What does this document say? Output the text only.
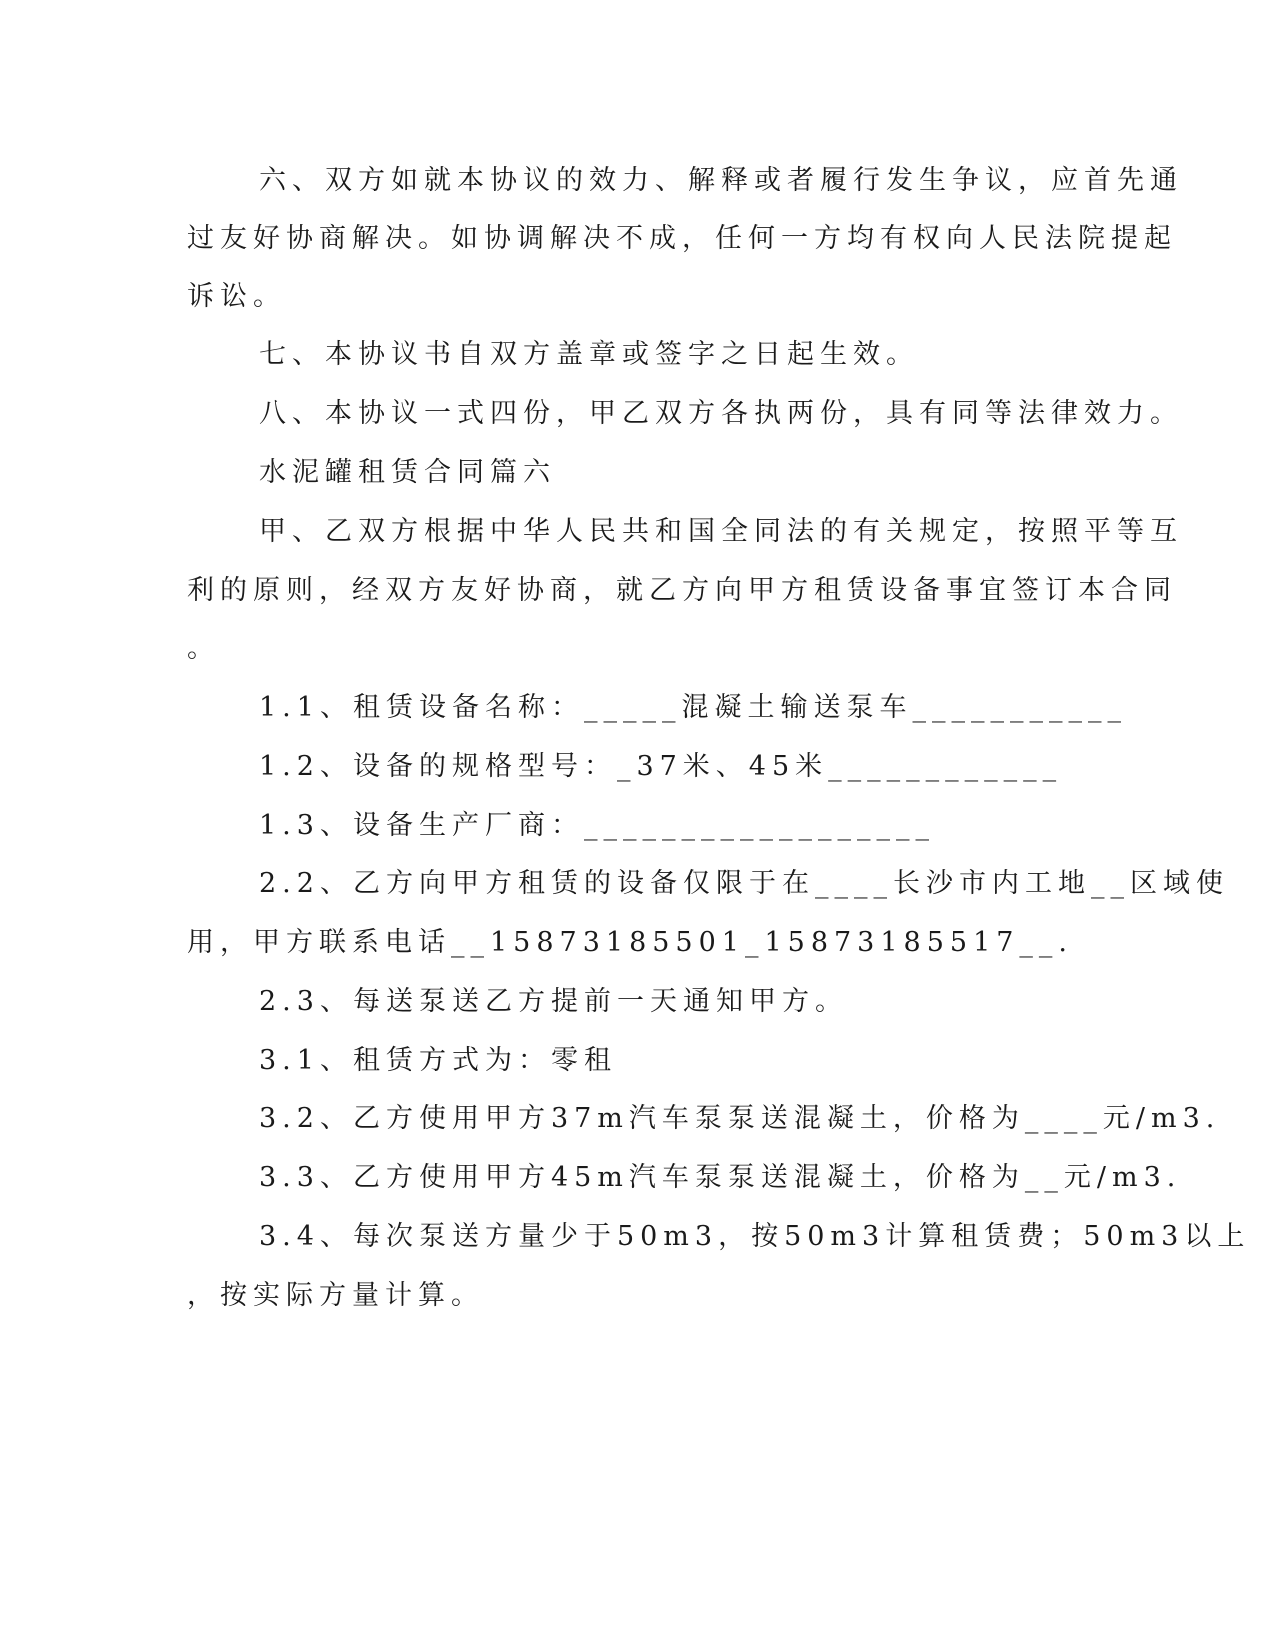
六、双方如就本协议的效力、解释或者履行发生争议，应首先通
过友好协商解决。如协调解决不成，任何一方均有权向人民法院提起
诉讼。
七、本协议书自双方盖章或签字之日起生效。
八、本协议一式四份，甲乙双方各执两份，具有同等法律效力。
水泥罐租赁合同篇六
甲、乙双方根据中华人民共和国全同法的有关规定，按照平等互
利的原则，经双方友好协商，就乙方向甲方租赁设备事宜签订本合同
。
1.1、租赁设备名称：_____混凝土输送泵车___________
1.2、设备的规格型号：_37米、45米____________
1.3、设备生产厂商：__________________
2.2、乙方向甲方租赁的设备仅限于在____长沙市内工地__区域使
用，甲方联系电话__15873185501_15873185517__.
2.3、每送泵送乙方提前一天通知甲方。
3.1、租赁方式为：零租
3.2、乙方使用甲方37m汽车泵泵送混凝土，价格为____元/m3.
3.3、乙方使用甲方45m汽车泵泵送混凝土，价格为__元/m3.
3.4、每次泵送方量少于50m3，按50m3计算租赁费；50m3以上
，按实际方量计算。
